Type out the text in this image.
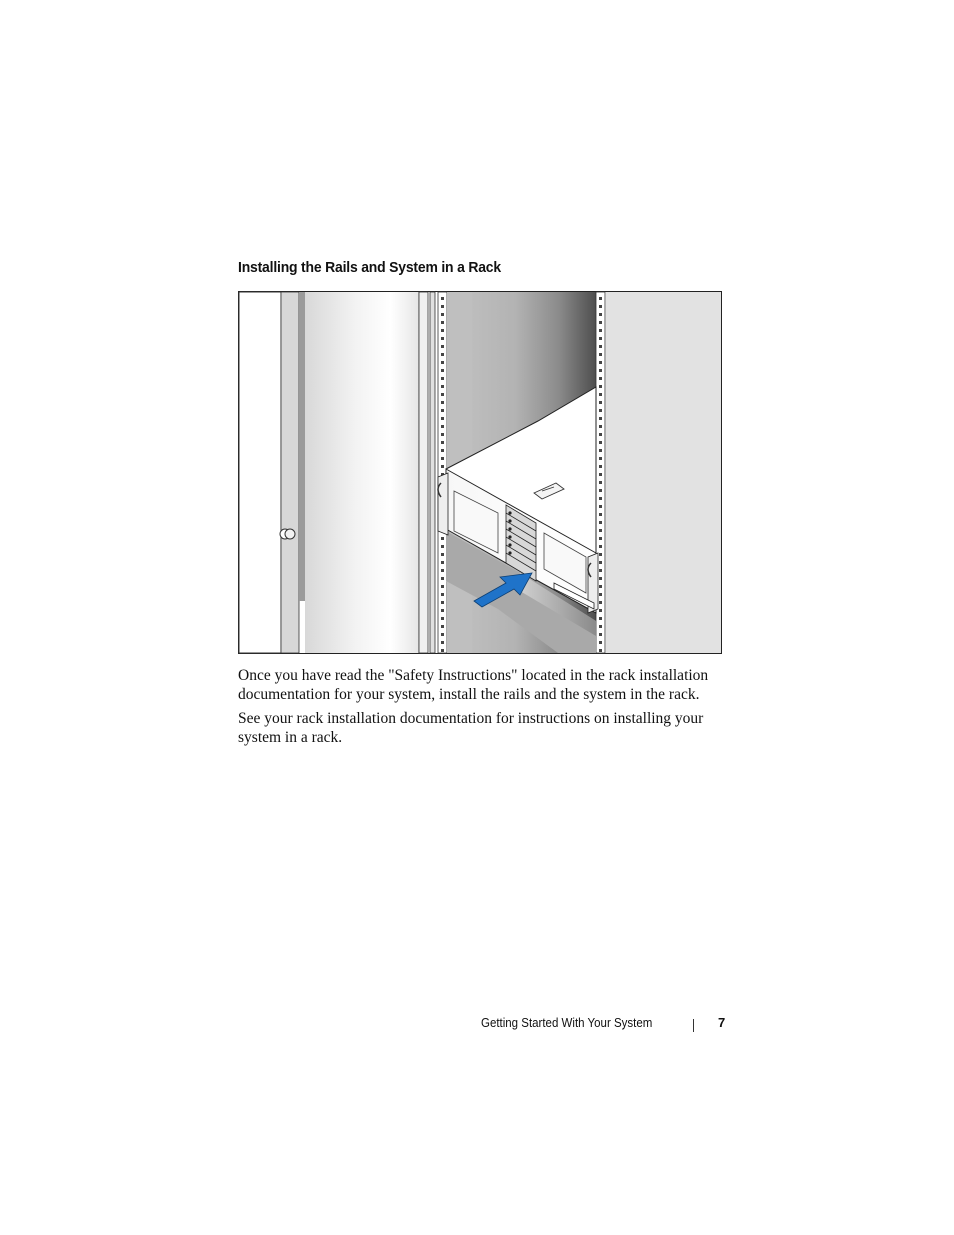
Installing the Rails and System in a Rack

Once you have read the "Safety Instructions" located in the rack installation documentation for your system, install the rails and the system in the rack.

See your rack installation documentation for instructions on installing your system in a rack.

Getting Started With Your System	7
